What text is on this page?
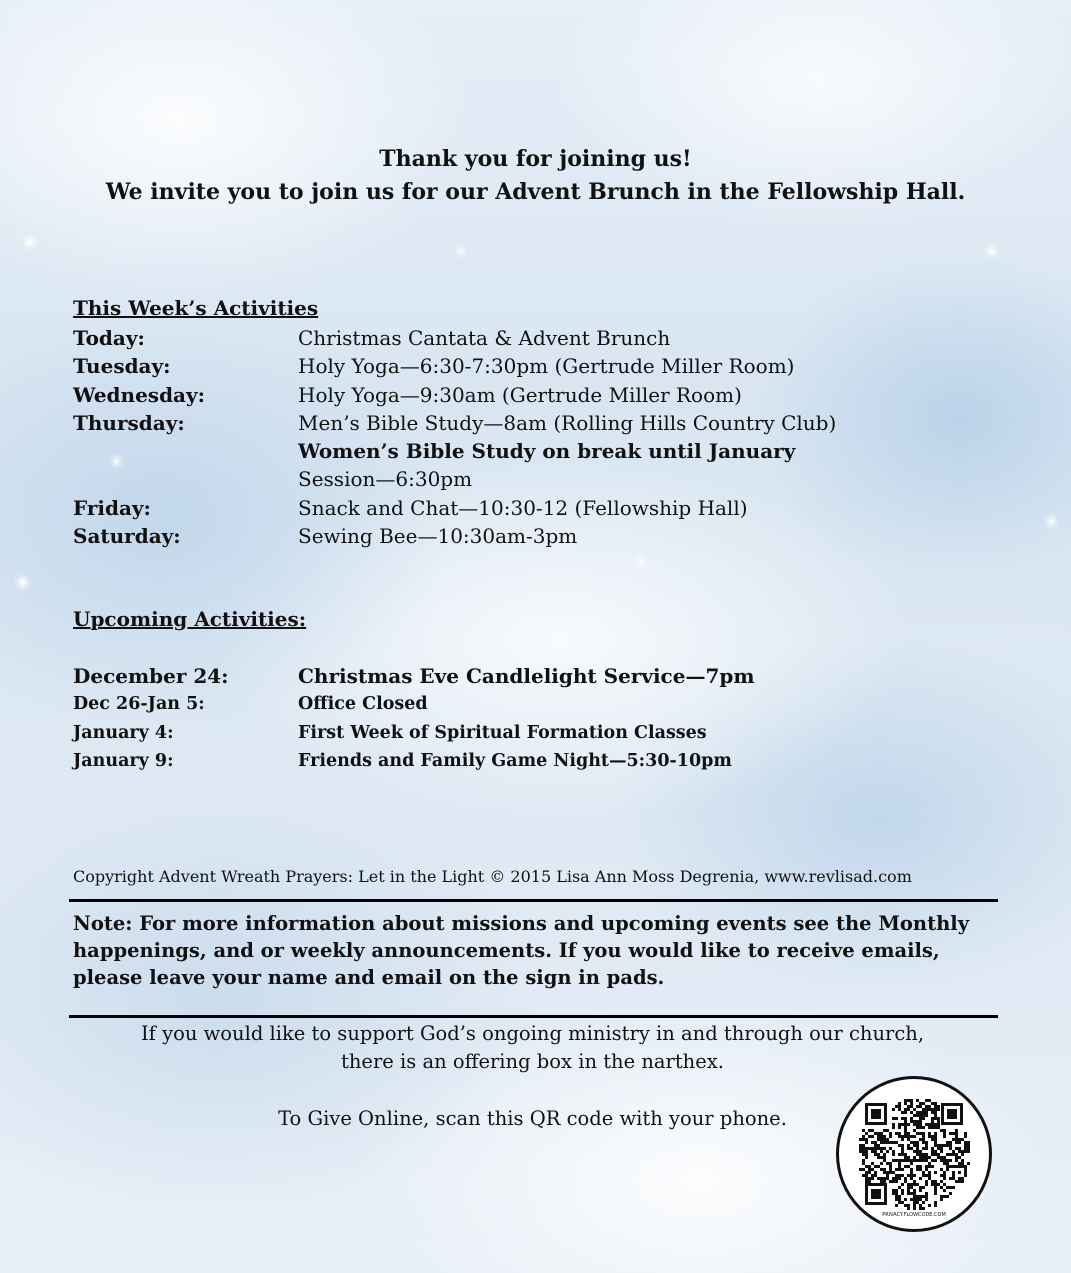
Thank you for joining us!

We invite you to join us for our Advent Brunch in the Fellowship Hall.

This Week’s Activities

Today:	Christmas Cantata & Advent Brunch
Tuesday:	Holy Yoga—6:30-7:30pm (Gertrude Miller Room)
Wednesday:	Holy Yoga—9:30am (Gertrude Miller Room)
Thursday:	Men’s Bible Study—8am (Rolling Hills Country Club)
Women’s Bible Study on break until January
Session—6:30pm
Friday:	Snack and Chat—10:30-12 (Fellowship Hall)
Saturday:	Sewing Bee—10:30am-3pm

Upcoming Activities:

December 24:	Christmas Eve Candlelight Service—7pm
Dec 26-Jan 5:	Office Closed
January 4:	First Week of Spiritual Formation Classes
January 9:	Friends and Family Game Night—5:30-10pm

Copyright Advent Wreath Prayers: Let in the Light © 2015 Lisa Ann Moss Degrenia, www.revlisad.com

Note: For more information about missions and upcoming events see the Monthly happenings, and or weekly announcements. If you would like to receive emails, please leave your name and email on the sign in pads.

If you would like to support God’s ongoing ministry in and through our church,

there is an offering box in the narthex.

To Give Online, scan this QR code with your phone.

PRIVACY.FLOWCODE.COM
